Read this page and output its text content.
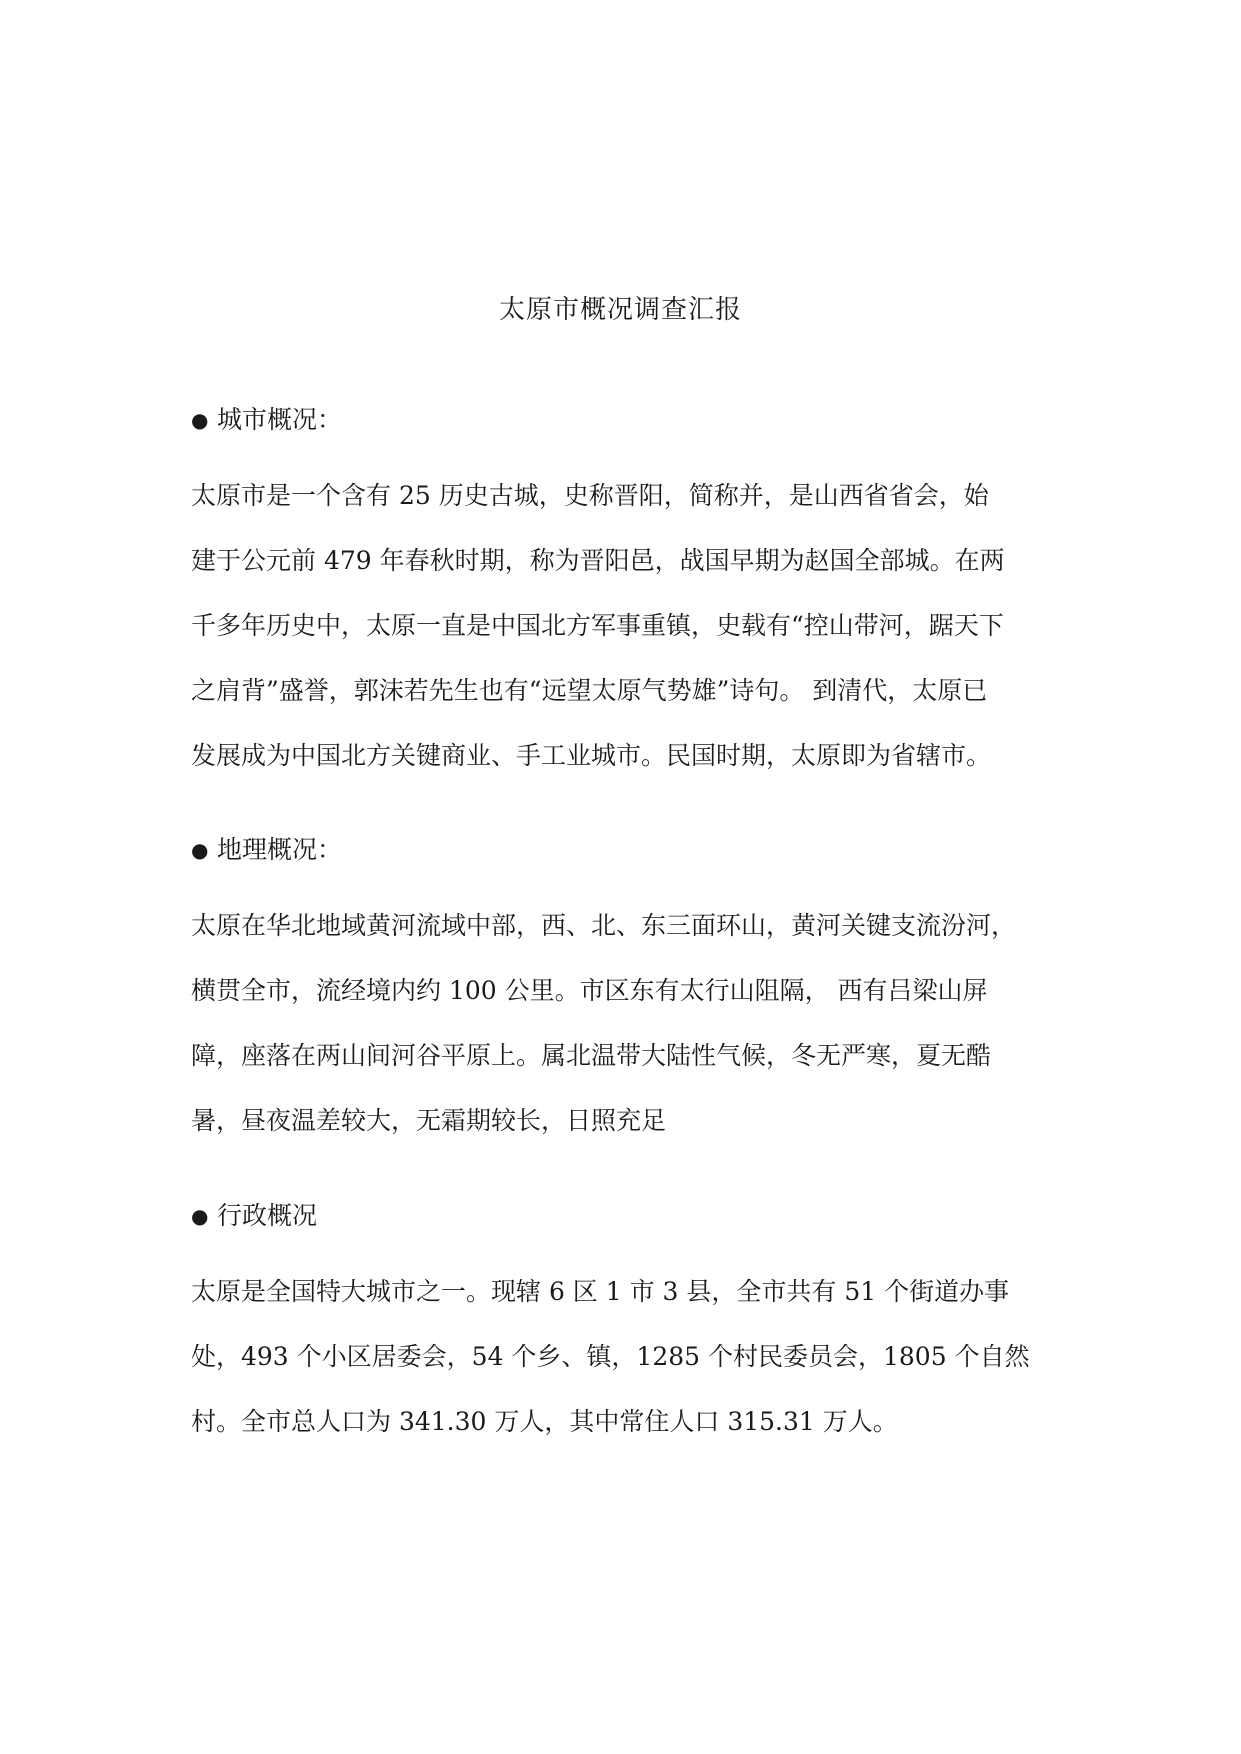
太原市概况调查汇报
● 城市概况：
太原市是一个含有 25 历史古城，史称晋阳，简称并，是山西省省会，始
建于公元前 479 年春秋时期，称为晋阳邑，战国早期为赵国全部城。在两
千多年历史中，太原一直是中国北方军事重镇，史载有“控山带河，踞天下
之肩背”盛誉，郭沫若先生也有“远望太原气势雄”诗句。 到清代，太原已
发展成为中国北方关键商业、手工业城市。民国时期，太原即为省辖市。
● 地理概况：
太原在华北地域黄河流域中部，西、北、东三面环山，黄河关键支流汾河，
横贯全市，流经境内约 100 公里。市区东有太行山阻隔， 西有吕梁山屏
障，座落在两山间河谷平原上。属北温带大陆性气候，冬无严寒，夏无酷
暑，昼夜温差较大，无霜期较长，日照充足
● 行政概况
太原是全国特大城市之一。现辖 6 区 1 市 3 县，全市共有 51 个街道办事
处，493 个小区居委会，54 个乡、镇，1285 个村民委员会，1805 个自然
村。全市总人口为 341.30 万人，其中常住人口 315.31 万人。
